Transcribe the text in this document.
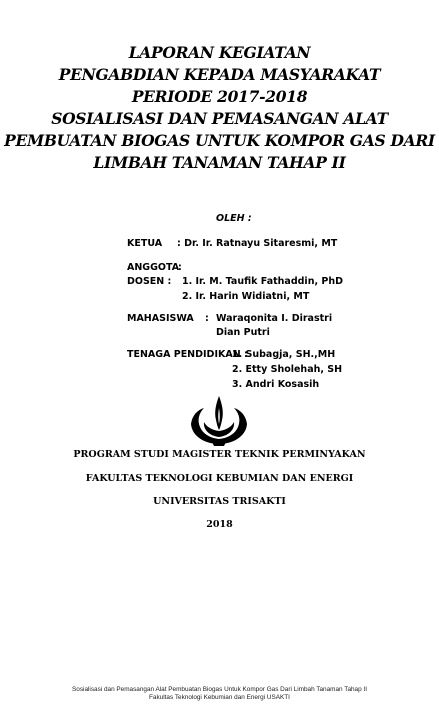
LAPORAN KEGIATAN
PENGABDIAN KEPADA MASYARAKAT
PERIODE 2017-2018
SOSIALISASI DAN PEMASANGAN ALAT
PEMBUATAN BIOGAS UNTUK KOMPOR GAS DARI
LIMBAH TANAMAN TAHAP II
OLEH :
KETUA : Dr. Ir. Ratnayu Sitaresmi, MT
ANGGOTA
:
DOSEN : 1. Ir. M. Taufik Fathaddin, PhD
2. Ir. Harin Widiatni, MT
MAHASISWA : Waraqonita I. Dirastri
Dian Putri
TENAGA PENDIDIKAN :
1. Subagja, SH.,MH
2. Etty Sholehah, SH
3. Andri Kosasih
PROGRAM STUDI MAGISTER TEKNIK PERMINYAKAN
FAKULTAS TEKNOLOGI KEBUMIAN DAN ENERGI
UNIVERSITAS TRISAKTI
2018
Sosialisasi dan Pemasangan Alat Pembuatan Biogas Untuk Kompor Gas Dari Limbah Tanaman Tahap II
Fakultas Teknologi Kebumian dan Energi USAKTI
